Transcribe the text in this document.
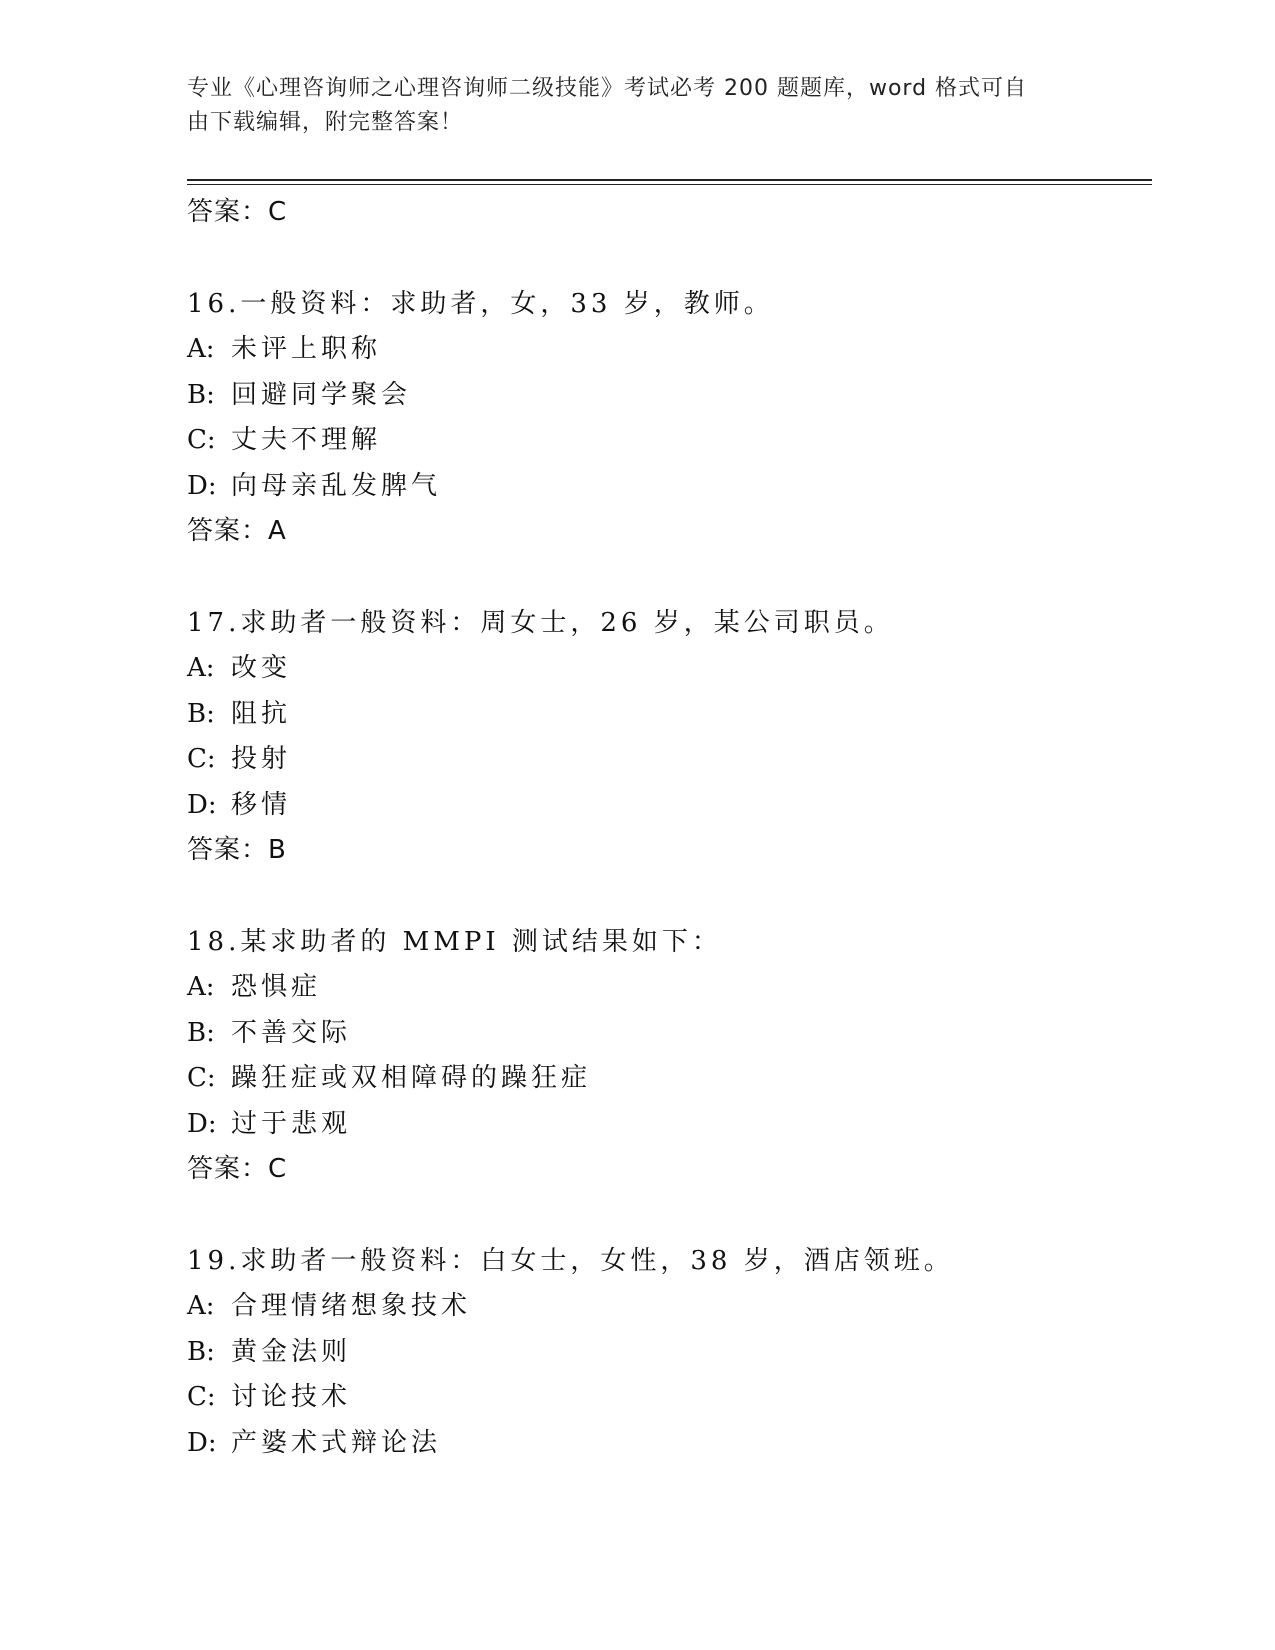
专业《心理咨询师之心理咨询师二级技能》考试必考 200 题题库，word 格式可自
由下载编辑，附完整答案！
答案：C
16.一般资料：求助者，女，33 岁，教师。
A: 未评上职称
B: 回避同学聚会
C: 丈夫不理解
D: 向母亲乱发脾气
答案：A
17.求助者一般资料：周女士，26 岁，某公司职员。
A: 改变
B: 阻抗
C: 投射
D: 移情
答案：B
18.某求助者的 MMPI 测试结果如下：
A: 恐惧症
B: 不善交际
C: 躁狂症或双相障碍的躁狂症
D: 过于悲观
答案：C
19.求助者一般资料：白女士，女性，38 岁，酒店领班。
A: 合理情绪想象技术
B: 黄金法则
C: 讨论技术
D: 产婆术式辩论法
